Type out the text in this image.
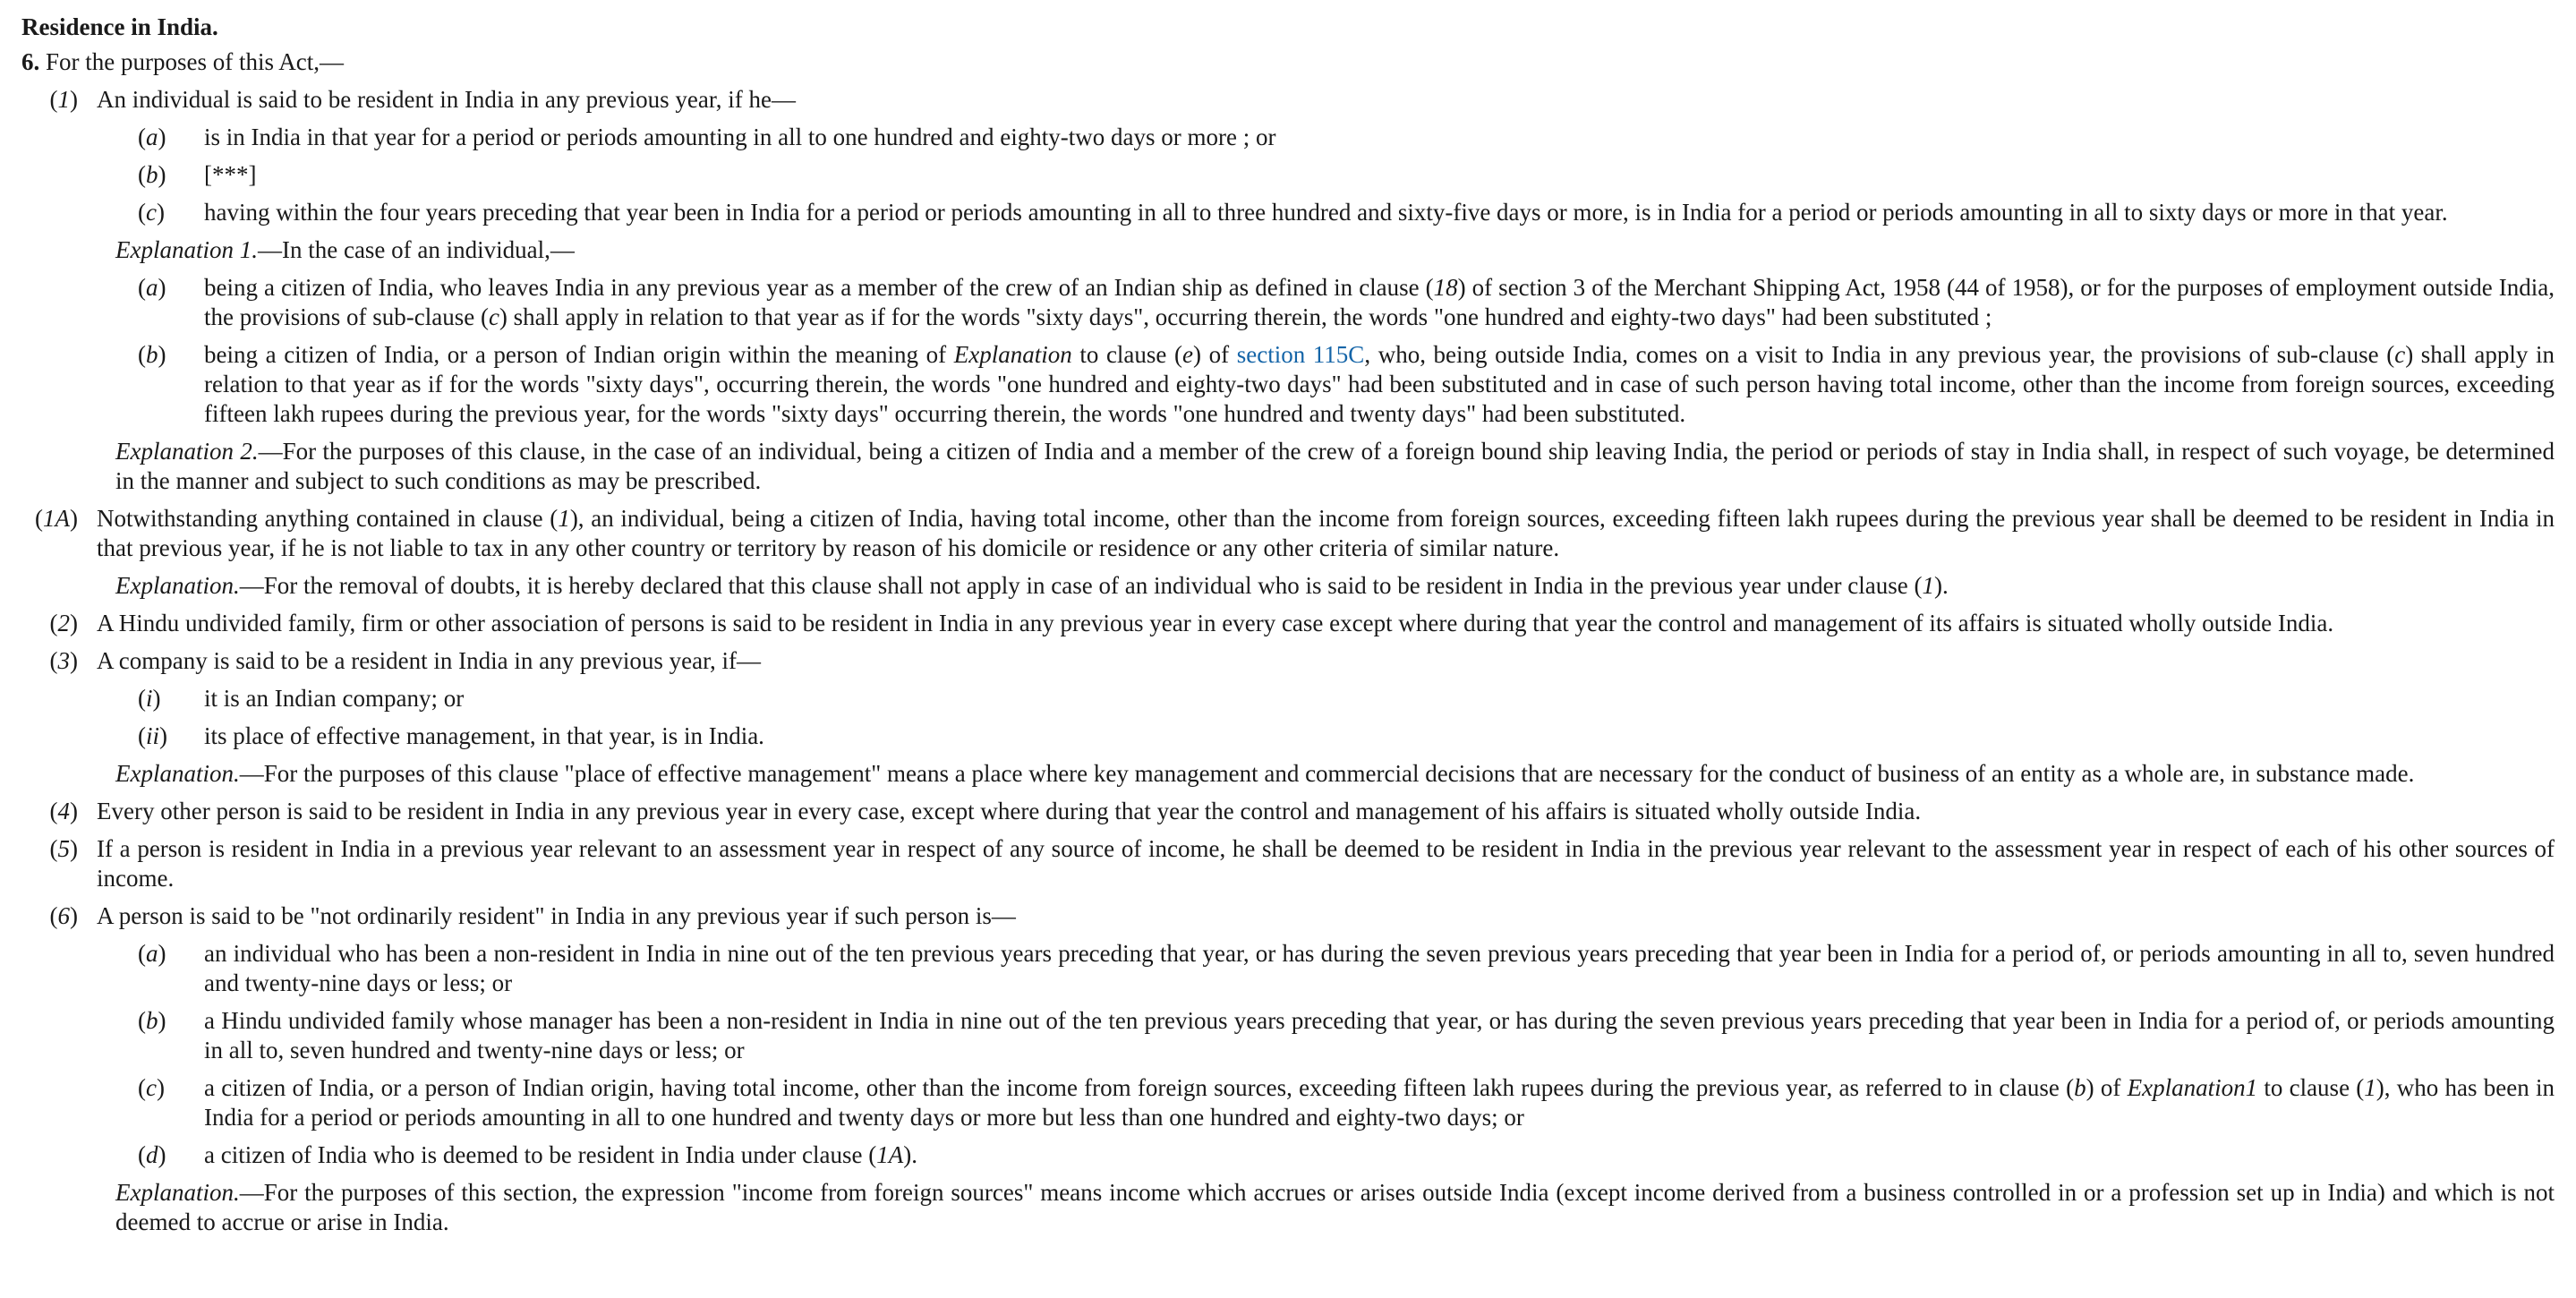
Residence in India.
6. For the purposes of this Act,—
(1) An individual is said to be resident in India in any previous year, if he—
(a)	is in India in that year for a period or periods amounting in all to one hundred and eighty-two days or more ; or
(b)	[***]
(c)	having within the four years preceding that year been in India for a period or periods amounting in all to three hundred and sixty-five days or more, is in India for a period or periods amounting in all to sixty days or more in that year.
Explanation 1.—In the case of an individual,—
(a)	being a citizen of India, who leaves India in any previous year as a member of the crew of an Indian ship as defined in clause (18) of section 3 of the Merchant Shipping Act, 1958 (44 of 1958), or for the purposes of employment outside India, the provisions of sub-clause (c) shall apply in relation to that year as if for the words "sixty days", occurring therein, the words "one hundred and eighty-two days" had been substituted ;
(b)	being a citizen of India, or a person of Indian origin within the meaning of Explanation to clause (e) of section 115C, who, being outside India, comes on a visit to India in any previous year, the provisions of sub-clause (c) shall apply in relation to that year as if for the words "sixty days", occurring therein, the words "one hundred and eighty-two days" had been substituted and in case of such person having total income, other than the income from foreign sources, exceeding fifteen lakh rupees during the previous year, for the words "sixty days" occurring therein, the words "one hundred and twenty days" had been substituted.
Explanation 2.—For the purposes of this clause, in the case of an individual, being a citizen of India and a member of the crew of a foreign bound ship leaving India, the period or periods of stay in India shall, in respect of such voyage, be determined in the manner and subject to such conditions as may be prescribed.
(1A) Notwithstanding anything contained in clause (1), an individual, being a citizen of India, having total income, other than the income from foreign sources, exceeding fifteen lakh rupees during the previous year shall be deemed to be resident in India in that previous year, if he is not liable to tax in any other country or territory by reason of his domicile or residence or any other criteria of similar nature.
Explanation.—For the removal of doubts, it is hereby declared that this clause shall not apply in case of an individual who is said to be resident in India in the previous year under clause (1).
(2) A Hindu undivided family, firm or other association of persons is said to be resident in India in any previous year in every case except where during that year the control and management of its affairs is situated wholly outside India.
(3) A company is said to be a resident in India in any previous year, if—
(i)	it is an Indian company; or
(ii)	its place of effective management, in that year, is in India.
Explanation.—For the purposes of this clause "place of effective management" means a place where key management and commercial decisions that are necessary for the conduct of business of an entity as a whole are, in substance made.
(4) Every other person is said to be resident in India in any previous year in every case, except where during that year the control and management of his affairs is situated wholly outside India.
(5) If a person is resident in India in a previous year relevant to an assessment year in respect of any source of income, he shall be deemed to be resident in India in the previous year relevant to the assessment year in respect of each of his other sources of income.
(6) A person is said to be "not ordinarily resident" in India in any previous year if such person is—
(a)	an individual who has been a non-resident in India in nine out of the ten previous years preceding that year, or has during the seven previous years preceding that year been in India for a period of, or periods amounting in all to, seven hundred and twenty-nine days or less; or
(b)	a Hindu undivided family whose manager has been a non-resident in India in nine out of the ten previous years preceding that year, or has during the seven previous years preceding that year been in India for a period of, or periods amounting in all to, seven hundred and twenty-nine days or less; or
(c)	a citizen of India, or a person of Indian origin, having total income, other than the income from foreign sources, exceeding fifteen lakh rupees during the previous year, as referred to in clause (b) of Explanation1 to clause (1), who has been in India for a period or periods amounting in all to one hundred and twenty days or more but less than one hundred and eighty-two days; or
(d)	a citizen of India who is deemed to be resident in India under clause (1A).
Explanation.—For the purposes of this section, the expression "income from foreign sources" means income which accrues or arises outside India (except income derived from a business controlled in or a profession set up in India) and which is not deemed to accrue or arise in India.
